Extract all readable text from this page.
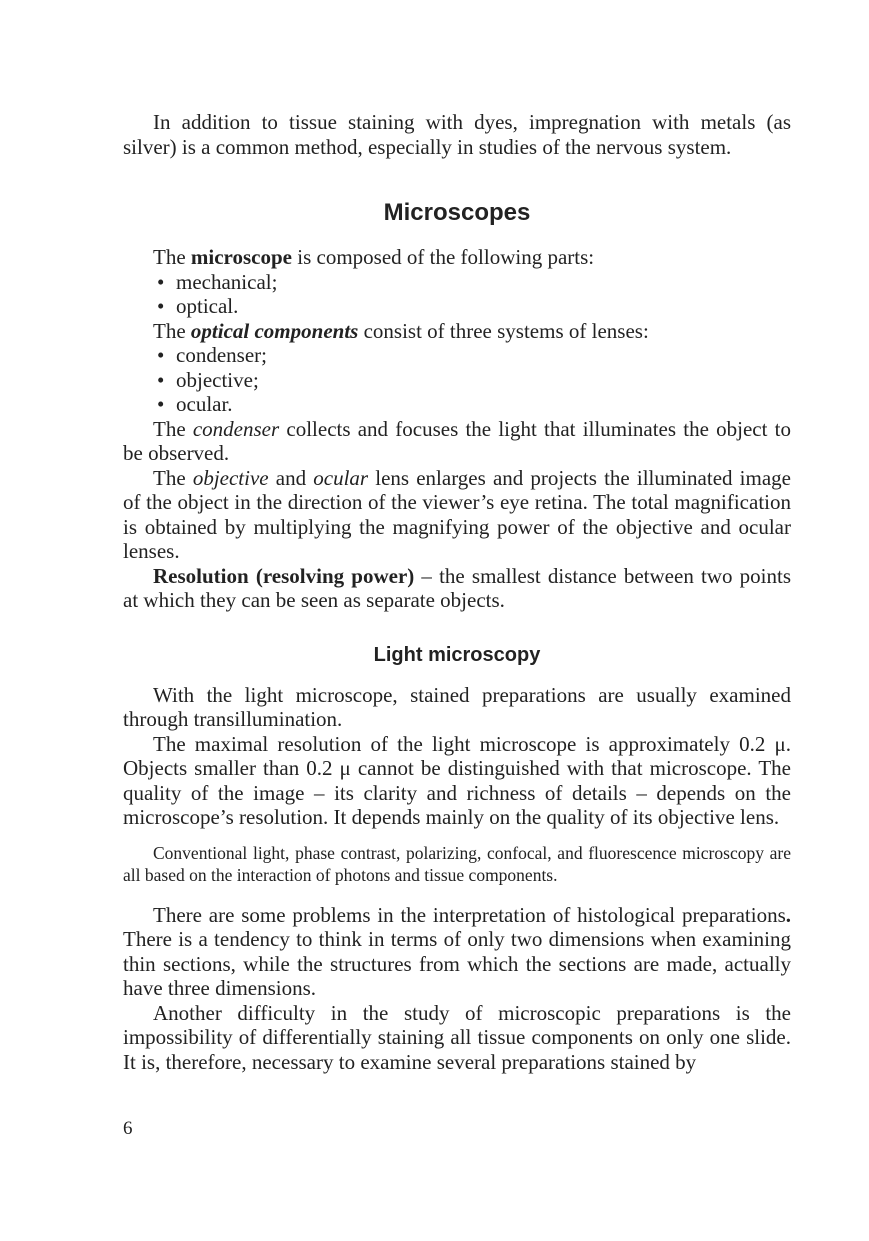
In addition to tissue staining with dyes, impregnation with metals (as silver) is a common method, especially in studies of the nervous system.

Microscopes

The microscope is composed of the following parts:

• mechanical;
• optical.

The optical components consist of three systems of lenses:

• condenser;
• objective;
• ocular.

The condenser collects and focuses the light that illuminates the object to be observed.

The objective and ocular lens enlarges and projects the illuminated image of the object in the direction of the viewer’s eye retina. The total magnification is obtained by multiplying the magnifying power of the objective and ocular lenses.

Resolution (resolving power) – the smallest distance between two points at which they can be seen as separate objects.

Light microscopy

With the light microscope, stained preparations are usually examined through transillumination.

The maximal resolution of the light microscope is approximately 0.2 μ. Objects smaller than 0.2 μ cannot be distinguished with that microscope. The quality of the image – its clarity and richness of details – depends on the microscope’s resolution. It depends mainly on the quality of its objective lens.

Conventional light, phase contrast, polarizing, confocal, and fluorescence microscopy are all based on the interaction of photons and tissue components.

There are some problems in the interpretation of histological preparations. There is a tendency to think in terms of only two dimensions when examining thin sections, while the structures from which the sections are made, actually have three dimensions.

Another difficulty in the study of microscopic preparations is the impossibility of differentially staining all tissue components on only one slide. It is, therefore, necessary to examine several preparations stained by

6
